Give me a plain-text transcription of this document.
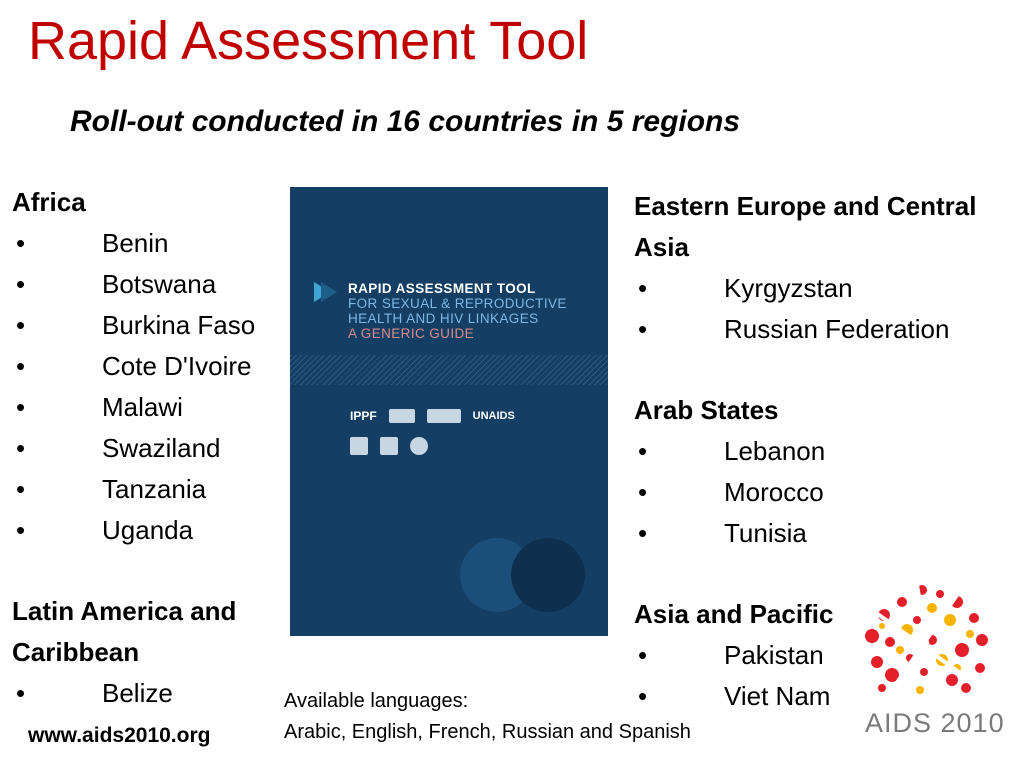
Rapid Assessment Tool
Roll-out conducted in 16 countries in 5 regions
Africa
•	Benin
•	Botswana
•	Burkina Faso
•	Cote D'Ivoire
•	Malawi
•	Swaziland
•	Tanzania
•	Uganda
Latin America and Caribbean
•	Belize
RAPID ASSESSMENT TOOL
FOR SEXUAL & REPRODUCTIVE
HEALTH AND HIV LINKAGES
A GENERIC GUIDE
IPPF	UNAIDS
Eastern Europe and Central Asia
•	Kyrgyzstan
•	Russian Federation
Arab States
•	Lebanon
•	Morocco
•	Tunisia
Asia and Pacific
•	Pakistan
•	Viet Nam
Available languages:
Arabic, English, French, Russian and Spanish
www.aids2010.org	AIDS 2010
